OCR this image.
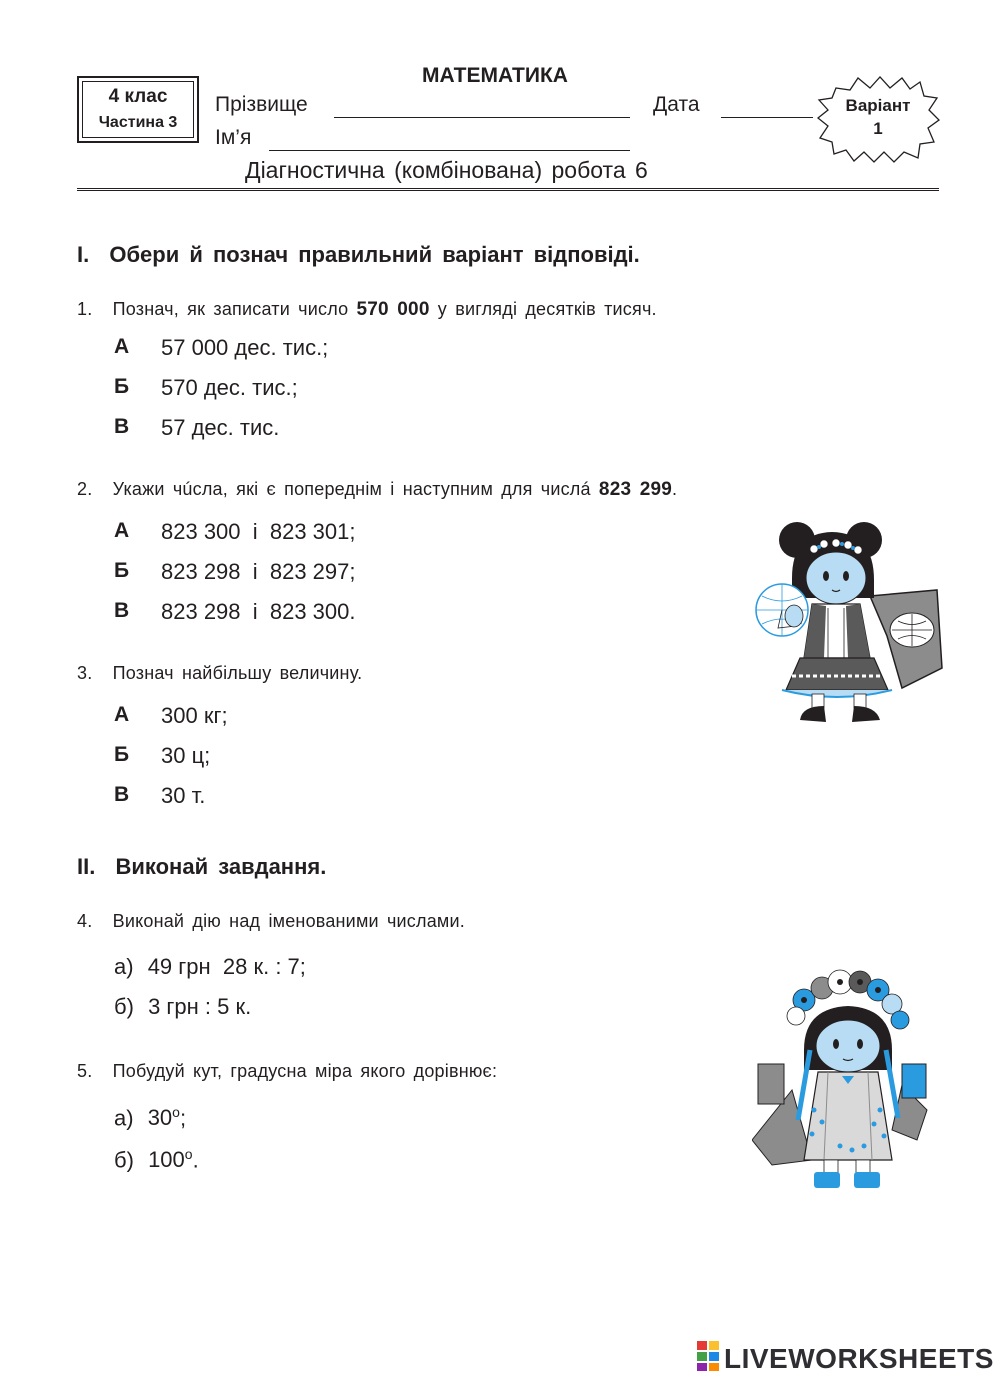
4 клас
Частина 3
МАТЕМАТИКА
Прізвище	Дата
Ім’я
Варіант
1
Діагностична (комбінована) робота 6
I. Обери й познач правильний варіант відповіді.
1. Познач, як записати число 570 000 у вигляді десятків тисяч.
А 57 000 дес. тис.;
Б 570 дес. тис.;
В 57 дес. тис.
2. Укажи чúсла, які є попереднім і наступним для числá 823 299.
А 823 300  і  823 301;
Б 823 298  і  823 297;
В 823 298  і  823 300.
3. Познач найбільшу величину.
А 300 кг;
Б 30 ц;
В 30 т.
II. Виконай завдання.
4. Виконай дію над іменованими числами.
а) 49 грн  28 к. : 7;
б) 3 грн : 5 к.
5. Побудуй кут, градусна міра якого дорівнює:
а) $30^о$;
б) $100^о$.
LIVEWORKSHEETS
